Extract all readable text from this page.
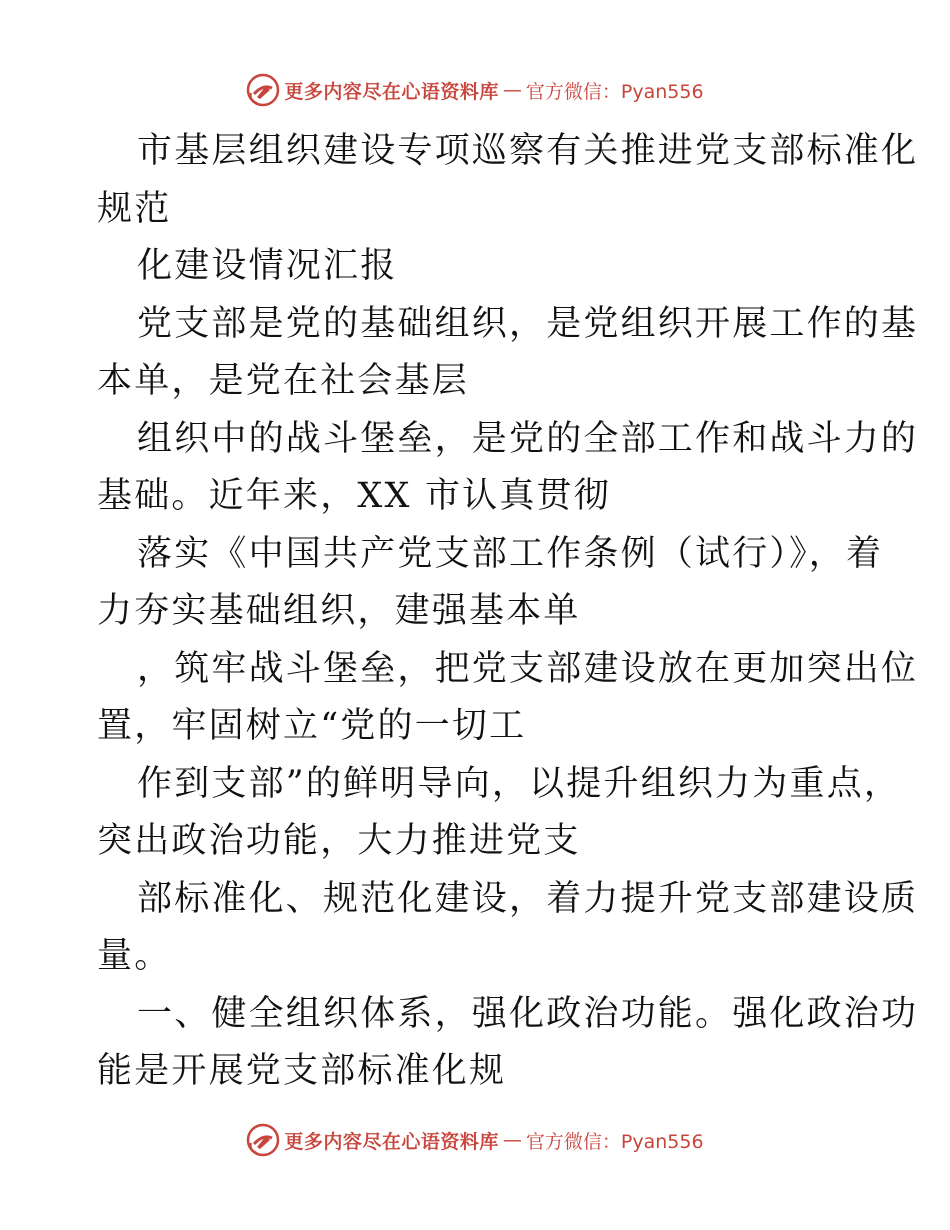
更多内容尽在心语资料库 — 官方微信：Pyan556

市基层组织建设专项巡察有关推进党支部标准化

规范

化建设情况汇报

党支部是党的基础组织，是党组织开展工作的基

本单，是党在社会基层

组织中的战斗堡垒，是党的全部工作和战斗力的

基础。近年来，XX 市认真贯彻

落实《中国共产党支部工作条例（试行）》，着

力夯实基础组织，建强基本单

，筑牢战斗堡垒，把党支部建设放在更加突出位

置，牢固树立“党的一切工

作到支部”的鲜明导向，以提升组织力为重点，

突出政治功能，大力推进党支

部标准化、规范化建设，着力提升党支部建设质

量。

一、健全组织体系，强化政治功能。强化政治功

能是开展党支部标准化规

更多内容尽在心语资料库 — 官方微信：Pyan556
